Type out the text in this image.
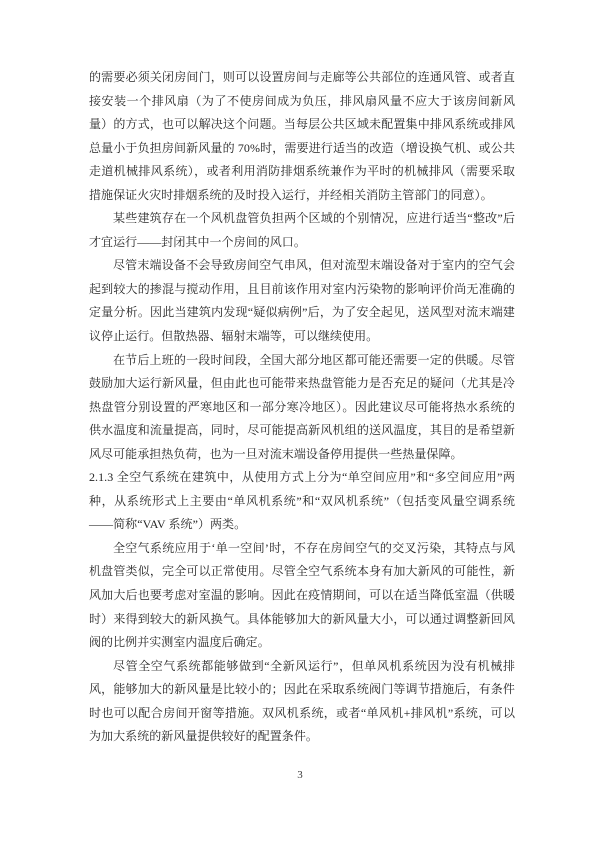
的需要必须关闭房间门，则可以设置房间与走廊等公共部位的连通风管、或者直接安装一个排风扇（为了不使房间成为负压，排风扇风量不应大于该房间新风量）的方式，也可以解决这个问题。当每层公共区域未配置集中排风系统或排风总量小于负担房间新风量的 70%时，需要进行适当的改造（增设换气机、或公共走道机械排风系统），或者利用消防排烟系统兼作为平时的机械排风（需要采取措施保证火灾时排烟系统的及时投入运行，并经相关消防主管部门的同意）。

某些建筑存在一个风机盘管负担两个区域的个别情况，应进行适当“整改”后才宜运行——封闭其中一个房间的风口。

尽管末端设备不会导致房间空气串风，但对流型末端设备对于室内的空气会起到较大的掺混与搅动作用，且目前该作用对室内污染物的影响评价尚无准确的定量分析。因此当建筑内发现“疑似病例”后，为了安全起见，送风型对流末端建议停止运行。但散热器、辐射末端等，可以继续使用。

在节后上班的一段时间段，全国大部分地区都可能还需要一定的供暖。尽管鼓励加大运行新风量，但由此也可能带来热盘管能力是否充足的疑问（尤其是冷热盘管分别设置的严寒地区和一部分寒冷地区）。因此建议尽可能将热水系统的供水温度和流量提高，同时，尽可能提高新风机组的送风温度，其目的是希望新风尽可能承担热负荷，也为一旦对流末端设备停用提供一些热量保障。

2.1.3 全空气系统在建筑中，从使用方式上分为“单空间应用”和“多空间应用”两种，从系统形式上主要由“单风机系统”和“双风机系统”（包括变风量空调系统——简称“VAV 系统”）两类。

全空气系统应用于‘单一空间’时，不存在房间空气的交叉污染，其特点与风机盘管类似，完全可以正常使用。尽管全空气系统本身有加大新风的可能性，新风加大后也要考虑对室温的影响。因此在疫情期间，可以在适当降低室温（供暖时）来得到较大的新风换气。具体能够加大的新风量大小，可以通过调整新回风阀的比例并实测室内温度后确定。

尽管全空气系统都能够做到“全新风运行”，但单风机系统因为没有机械排风，能够加大的新风量是比较小的；因此在采取系统阀门等调节措施后，有条件时也可以配合房间开窗等措施。双风机系统，或者“单风机+排风机”系统，可以为加大系统的新风量提供较好的配置条件。

3
